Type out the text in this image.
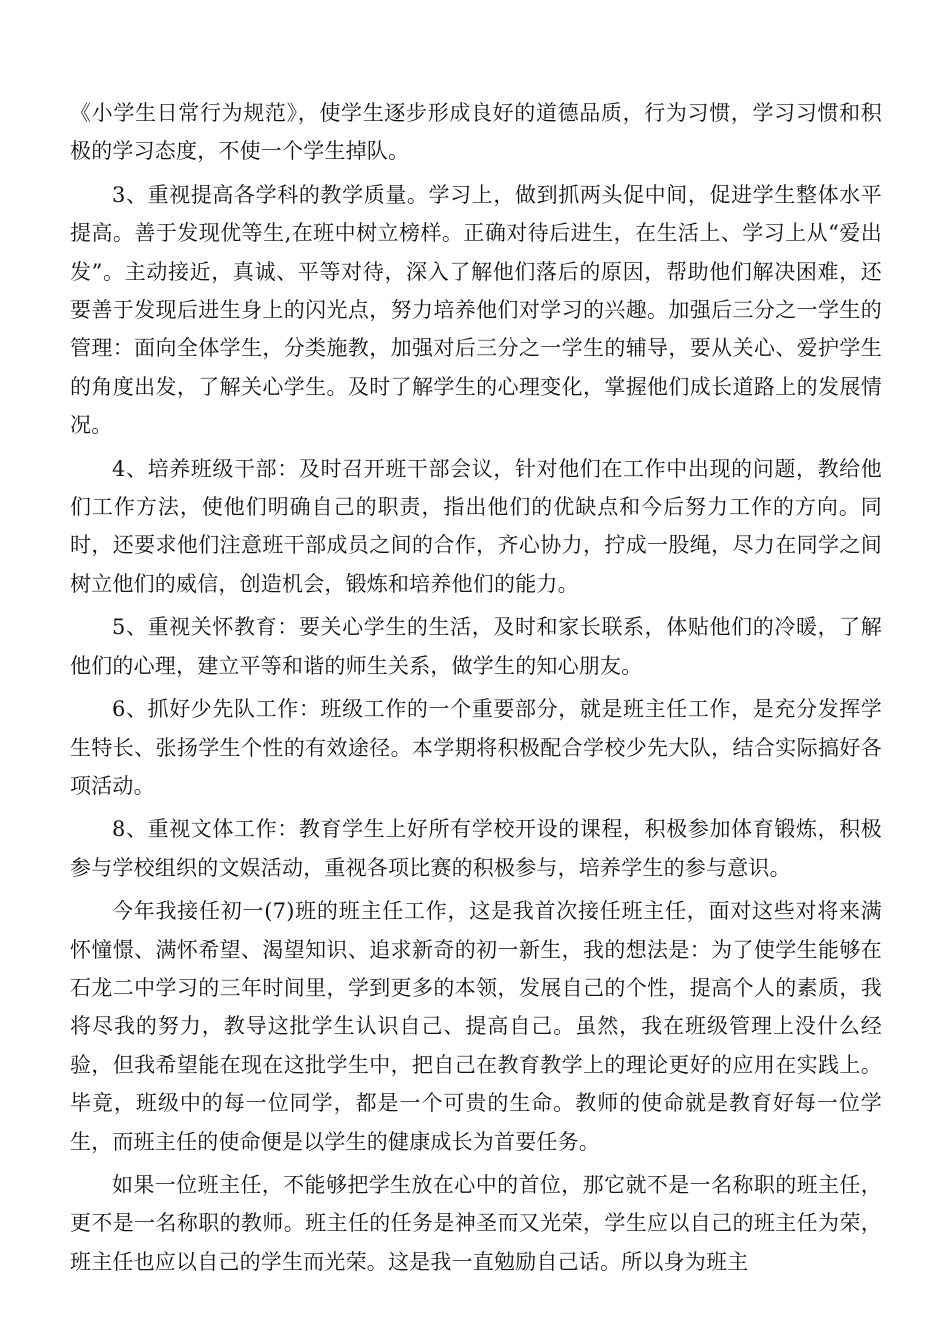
《小学生日常行为规范》，使学生逐步形成良好的道德品质，行为习惯，学习习惯和积极的学习态度，不使一个学生掉队。

3、重视提高各学科的教学质量。学习上，做到抓两头促中间，促进学生整体水平提高。善于发现优等生,在班中树立榜样。正确对待后进生，在生活上、学习上从“爱出发”。主动接近，真诚、平等对待，深入了解他们落后的原因，帮助他们解决困难，还要善于发现后进生身上的闪光点，努力培养他们对学习的兴趣。加强后三分之一学生的管理：面向全体学生，分类施教，加强对后三分之一学生的辅导，要从关心、爱护学生的角度出发，了解关心学生。及时了解学生的心理变化，掌握他们成长道路上的发展情况。

4、培养班级干部：及时召开班干部会议，针对他们在工作中出现的问题，教给他们工作方法，使他们明确自己的职责，指出他们的优缺点和今后努力工作的方向。同时，还要求他们注意班干部成员之间的合作，齐心协力，拧成一股绳，尽力在同学之间树立他们的威信，创造机会，锻炼和培养他们的能力。

5、重视关怀教育：要关心学生的生活，及时和家长联系，体贴他们的冷暖，了解他们的心理，建立平等和谐的师生关系，做学生的知心朋友。

6、抓好少先队工作：班级工作的一个重要部分，就是班主任工作，是充分发挥学生特长、张扬学生个性的有效途径。本学期将积极配合学校少先大队，结合实际搞好各项活动。

8、重视文体工作：教育学生上好所有学校开设的课程，积极参加体育锻炼，积极参与学校组织的文娱活动，重视各项比赛的积极参与，培养学生的参与意识。

今年我接任初一(7)班的班主任工作，这是我首次接任班主任，面对这些对将来满怀憧憬、满怀希望、渴望知识、追求新奇的初一新生，我的想法是：为了使学生能够在石龙二中学习的三年时间里，学到更多的本领，发展自己的个性，提高个人的素质，我将尽我的努力，教导这批学生认识自己、提高自己。虽然，我在班级管理上没什么经验，但我希望能在现在这批学生中，把自己在教育教学上的理论更好的应用在实践上。毕竟，班级中的每一位同学，都是一个可贵的生命。教师的使命就是教育好每一位学生，而班主任的使命便是以学生的健康成长为首要任务。

如果一位班主任，不能够把学生放在心中的首位，那它就不是一名称职的班主任，更不是一名称职的教师。班主任的任务是神圣而又光荣，学生应以自己的班主任为荣，班主任也应以自己的学生而光荣。这是我一直勉励自己话。所以身为班主
